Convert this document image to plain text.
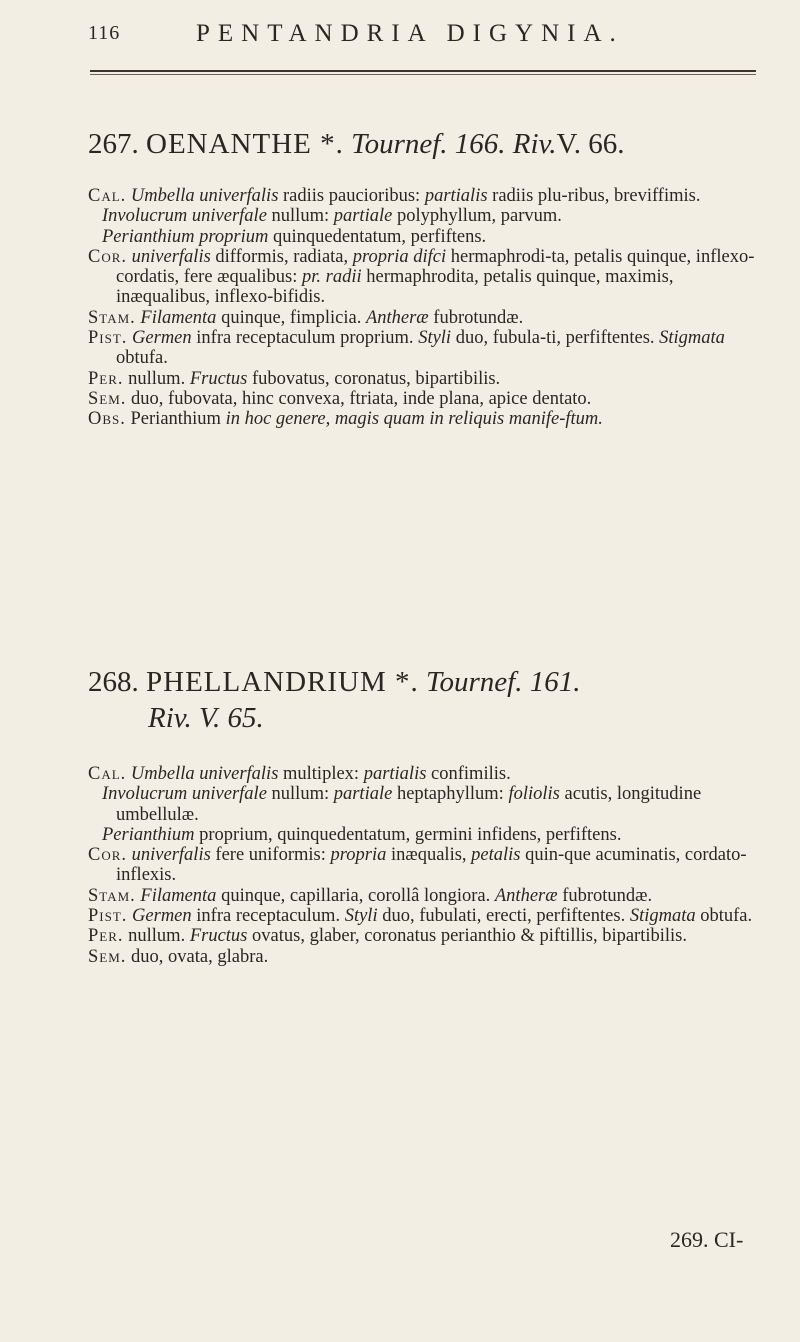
116	PENTANDRIA DIGYNIA.
267. OENANTHE *. Tournef. 166. Riv.V. 66.

Cal. Umbella univerfalis radiis paucioribus: partialis radiis plu-ribus, breviffimis.

Involucrum univerfale nullum: partiale polyphyllum, parvum.

Perianthium proprium quinquedentatum, perfiftens.

Cor. univerfalis difformis, radiata, propria difci hermaphrodi-ta, petalis quinque, inflexo-cordatis, fere æqualibus: pr. radii hermaphrodita, petalis quinque, maximis, inæqualibus, inflexo-bifidis.

Stam. Filamenta quinque, fimplicia. Antheræ fubrotundæ.

Pist. Germen infra receptaculum proprium. Styli duo, fubula-ti, perfiftentes. Stigmata obtufa.

Per. nullum. Fructus fubovatus, coronatus, bipartibilis.

Sem. duo, fubovata, hinc convexa, ftriata, inde plana, apice dentato.

Obs. Perianthium in hoc genere, magis quam in reliquis manife-ftum.

268. PHELLANDRIUM *. Tournef. 161.
Riv. V. 65.

Cal. Umbella univerfalis multiplex: partialis confimilis.

Involucrum univerfale nullum: partiale heptaphyllum: foliolis acutis, longitudine umbellulæ.

Perianthium proprium, quinquedentatum, germini infidens, perfiftens.

Cor. univerfalis fere uniformis: propria inæqualis, petalis quin-que acuminatis, cordato-inflexis.

Stam. Filamenta quinque, capillaria, corollâ longiora. Antheræ fubrotundæ.

Pist. Germen infra receptaculum. Styli duo, fubulati, erecti, perfiftentes. Stigmata obtufa.

Per. nullum. Fructus ovatus, glaber, coronatus perianthio & piftillis, bipartibilis.

Sem. duo, ovata, glabra.

269. CI-
